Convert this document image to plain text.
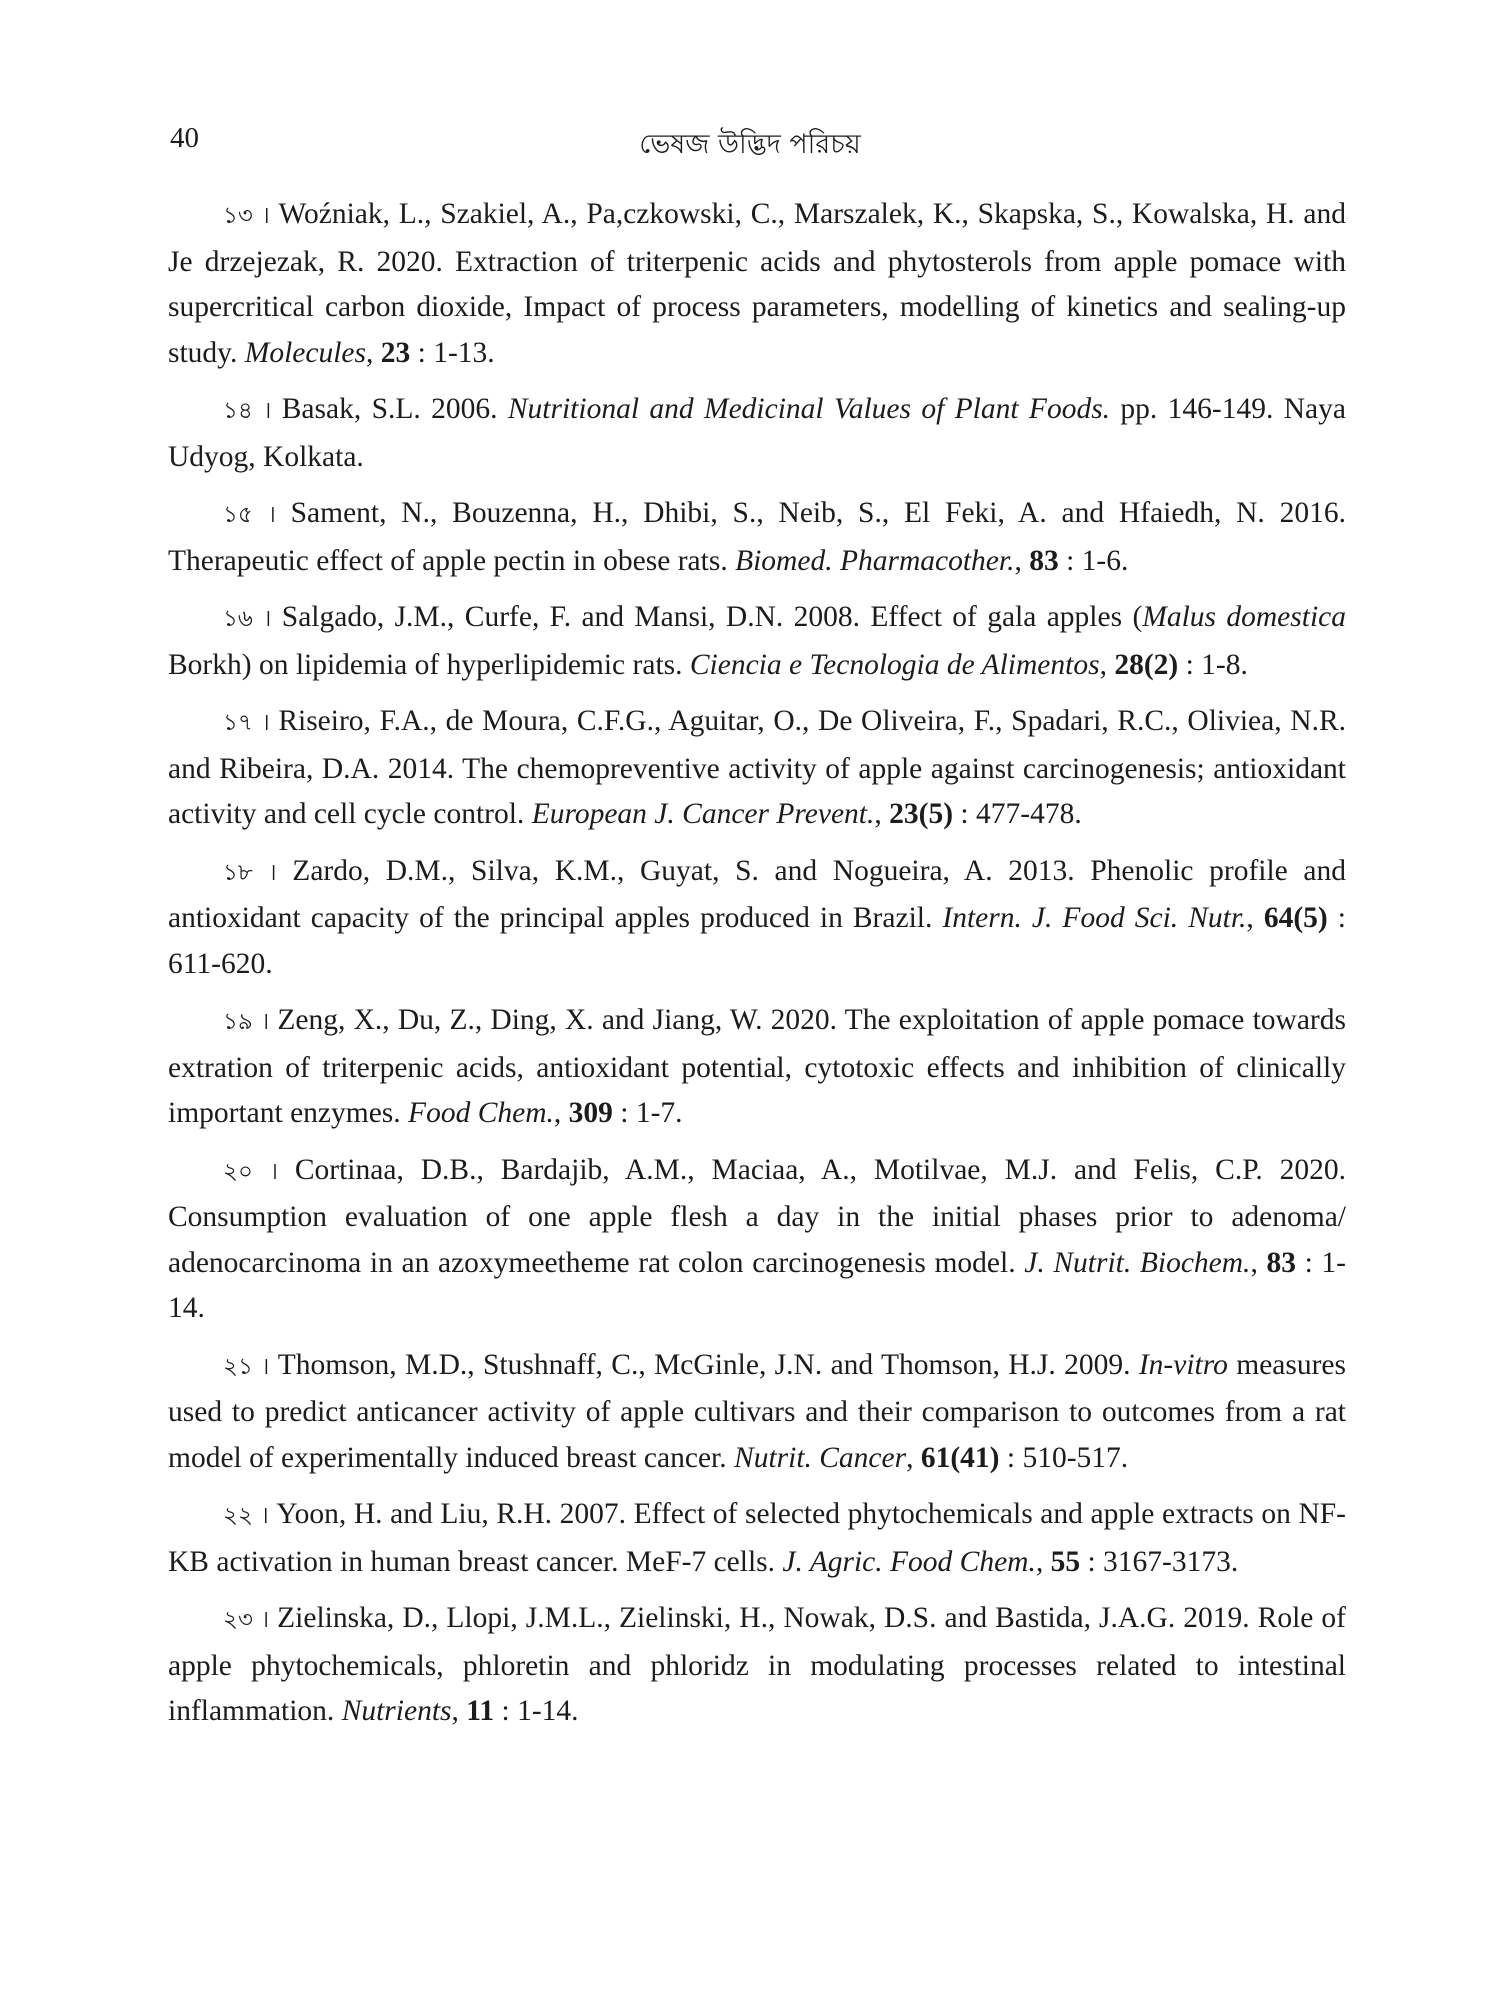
40	ভেষজ উদ্ভিদ পরিচয়

১৩ । Woźniak, L., Szakiel, A., Pa,czkowski, C., Marszalek, K., Skapska, S., Kowalska, H. and Je drzejezak, R. 2020. Extraction of triterpenic acids and phytosterols from apple pomace with supercritical carbon dioxide, Impact of process parameters, modelling of kinetics and sealing-up study. Molecules, 23 : 1-13.

১৪ । Basak, S.L. 2006. Nutritional and Medicinal Values of Plant Foods. pp. 146-149. Naya Udyog, Kolkata.

১৫ । Sament, N., Bouzenna, H., Dhibi, S., Neib, S., El Feki, A. and Hfaiedh, N. 2016. Therapeutic effect of apple pectin in obese rats. Biomed. Pharmacother., 83 : 1-6.

১৬ । Salgado, J.M., Curfe, F. and Mansi, D.N. 2008. Effect of gala apples (Malus domestica Borkh) on lipidemia of hyperlipidemic rats. Ciencia e Tecnologia de Alimentos, 28(2) : 1-8.

১৭ । Riseiro, F.A., de Moura, C.F.G., Aguitar, O., De Oliveira, F., Spadari, R.C., Oliviea, N.R. and Ribeira, D.A. 2014. The chemopreventive activity of apple against carcinogenesis; antioxidant activity and cell cycle control. European J. Cancer Prevent., 23(5) : 477-478.

১৮ । Zardo, D.M., Silva, K.M., Guyat, S. and Nogueira, A. 2013. Phenolic profile and antioxidant capacity of the principal apples produced in Brazil. Intern. J. Food Sci. Nutr., 64(5) : 611-620.

১৯ । Zeng, X., Du, Z., Ding, X. and Jiang, W. 2020. The exploitation of apple pomace towards extration of triterpenic acids, antioxidant potential, cytotoxic effects and inhibition of clinically important enzymes. Food Chem., 309 : 1-7.

২০ । Cortinaa, D.B., Bardajib, A.M., Maciaa, A., Motilvae, M.J. and Felis, C.P. 2020. Consumption evaluation of one apple flesh a day in the initial phases prior to adenoma/ adenocarcinoma in an azoxymeetheme rat colon carcinogenesis model. J. Nutrit. Biochem., 83 : 1-14.

২১ । Thomson, M.D., Stushnaff, C., McGinle, J.N. and Thomson, H.J. 2009. In-vitro measures used to predict anticancer activity of apple cultivars and their comparison to outcomes from a rat model of experimentally induced breast cancer. Nutrit. Cancer, 61(41) : 510-517.

২২ । Yoon, H. and Liu, R.H. 2007. Effect of selected phytochemicals and apple extracts on NF-KB activation in human breast cancer. MeF-7 cells. J. Agric. Food Chem., 55 : 3167-3173.

২৩ । Zielinska, D., Llopi, J.M.L., Zielinski, H., Nowak, D.S. and Bastida, J.A.G. 2019. Role of apple phytochemicals, phloretin and phloridz in modulating processes related to intestinal inflammation. Nutrients, 11 : 1-14.
